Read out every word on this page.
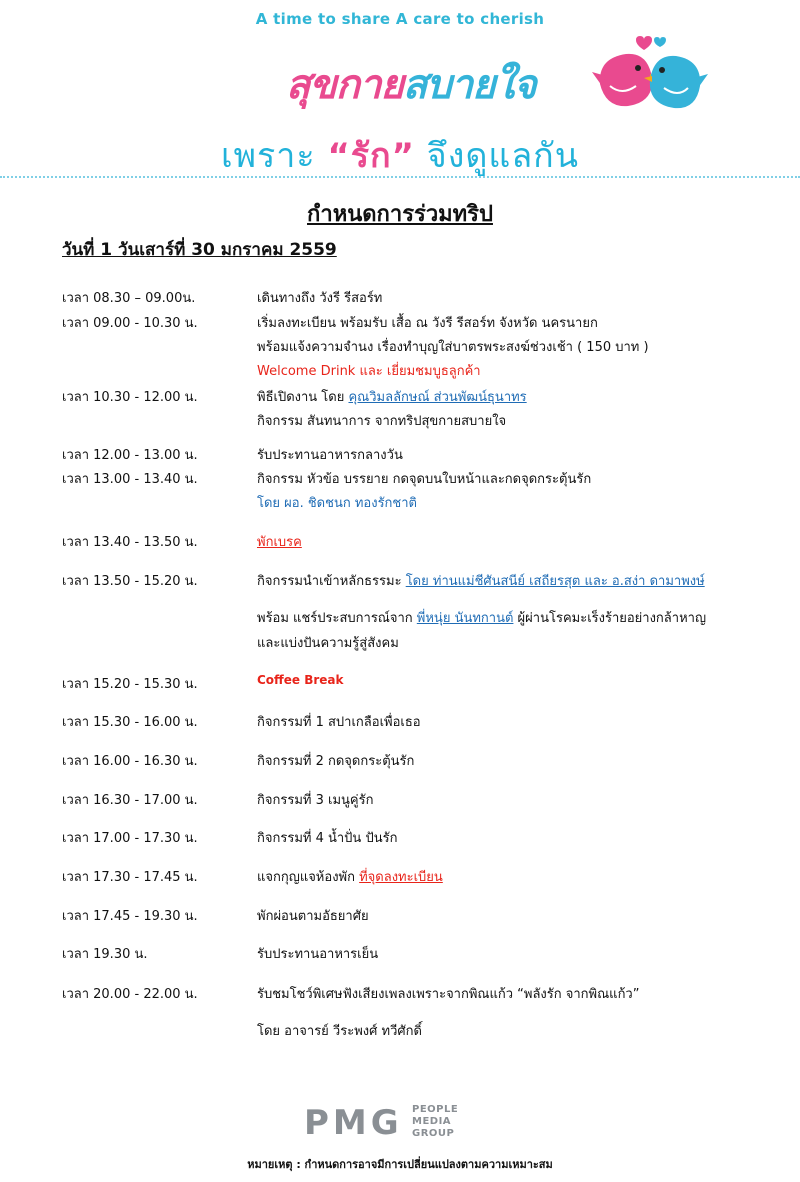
A time to share A care to cherish
สุขกายสบายใจ
เพราะ “รัก” จึงดูแลกัน
กำหนดการร่วมทริป
วันที่ 1 วันเสาร์ที่ 30 มกราคม 2559
เวลา 08.30 – 09.00น.	เดินทางถึง วังรี รีสอร์ท
เวลา 09.00 - 10.30 น.	เริ่มลงทะเบียน พร้อมรับ เสื้อ ณ วังรี รีสอร์ท จังหวัด นครนายก
พร้อมแจ้งความจำนง เรื่องทำบุญใส่บาตรพระสงฆ์ช่วงเช้า ( 150 บาท )
Welcome Drink และ เยี่ยมชมบูธลูกค้า
เวลา 10.30 - 12.00 น.	พิธีเปิดงาน โดย คุณวิมลลักษณ์ ส่วนพัฒน์ธุนาทร
กิจกรรม สันทนาการ จากทริปสุขกายสบายใจ
เวลา 12.00 - 13.00 น.	รับประทานอาหารกลางวัน
เวลา 13.00 - 13.40 น.	กิจกรรม หัวข้อ บรรยาย กดจุดบนใบหน้าและกดจุดกระตุ้นรัก
โดย ผอ. ชิดชนก ทองรักชาติ
เวลา 13.40 - 13.50 น.	พักเบรค
เวลา 13.50 - 15.20 น.	กิจกรรมนำเข้าหลักธรรมะ โดย ท่านแม่ชีศันสนีย์ เสถียรสุต และ อ.สง่า ดามาพงษ์
พร้อม แชร์ประสบการณ์จาก พี่หนุ่ย นันทกานต์ ผู้ผ่านโรคมะเร็งร้ายอย่างกล้าหาญ
และแบ่งปันความรู้สู่สังคม
เวลา 15.20 - 15.30 น.	Coffee Break
เวลา 15.30 - 16.00 น.	กิจกรรมที่ 1 สปาเกลือเพื่อเธอ
เวลา 16.00 - 16.30 น.	กิจกรรมที่ 2 กดจุดกระตุ้นรัก
เวลา 16.30 - 17.00 น.	กิจกรรมที่ 3 เมนูคู่รัก
เวลา 17.00 - 17.30 น.	กิจกรรมที่ 4 น้ำปั่น ปันรัก
เวลา 17.30 - 17.45 น.	แจกกุญแจห้องพัก ที่จุดลงทะเบียน
เวลา 17.45 - 19.30 น.	พักผ่อนตามอัธยาศัย
เวลา 19.30 น.	รับประทานอาหารเย็น
เวลา 20.00 - 22.00 น.	รับชมโชว์พิเศษฟังเสียงเพลงเพราะจากพิณแก้ว “พลังรัก จากพิณแก้ว”
โดย อาจารย์ วีระพงศ์ ทวีศักดิ์
PMG PEOPLE
MEDIA
GROUP
หมายเหตุ : กำหนดการอาจมีการเปลี่ยนแปลงตามความเหมาะสม
